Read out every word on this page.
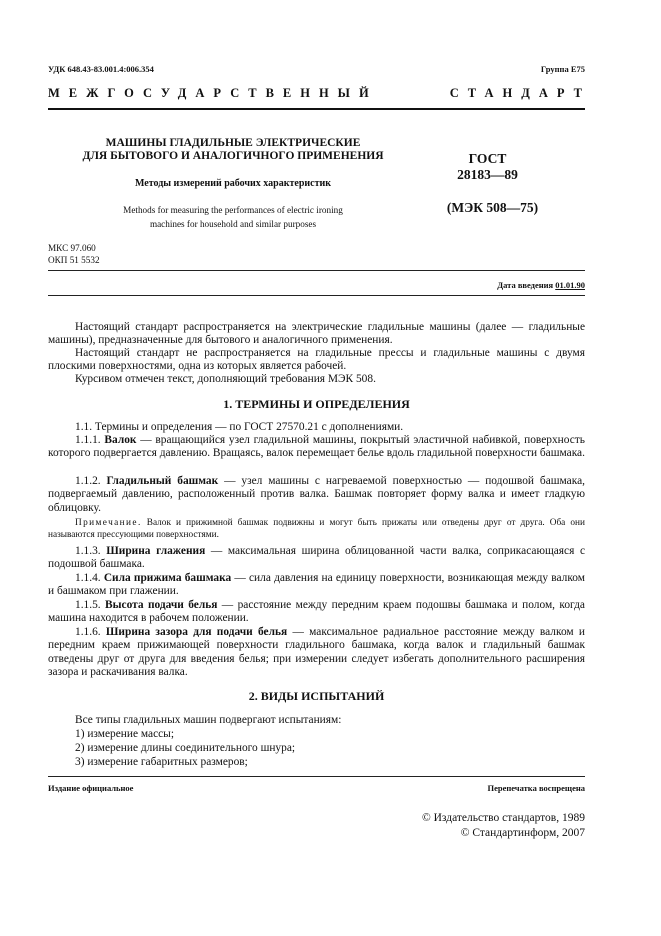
УДК 648.43-83.001.4:006.354	Группа Е75
МЕЖГОСУДАРСТВЕННЫЙ	СТАНДАРТ
МАШИНЫ ГЛАДИЛЬНЫЕ ЭЛЕКТРИЧЕСКИЕ
ДЛЯ БЫТОВОГО И АНАЛОГИЧНОГО ПРИМЕНЕНИЯ
Методы измерений рабочих характеристик
Methods for measuring the performances of electric ironing
machines for household and similar purposes
ГОСТ
28183—89
(МЭК 508—75)
МКС 97.060
ОКП 51 5532
Дата введения 01.01.90
Настоящий стандарт распространяется на электрические гладильные машины (далее — гладильные машины), предназначенные для бытового и аналогичного применения.
Настоящий стандарт не распространяется на гладильные прессы и гладильные машины с двумя плоскими поверхностями, одна из которых является рабочей.
Курсивом отмечен текст, дополняющий требования МЭК 508.
1. ТЕРМИНЫ И ОПРЕДЕЛЕНИЯ
1.1. Термины и определения — по ГОСТ 27570.21 с дополнениями.
1.1.1. Валок — вращающийся узел гладильной машины, покрытый эластичной набивкой, поверхность которого подвергается давлению. Вращаясь, валок перемещает белье вдоль гладильной поверхности башмака.
1.1.2. Гладильный башмак — узел машины с нагреваемой поверхностью — подошвой башмака, подвергаемый давлению, расположенный против валка. Башмак повторяет форму валка и имеет гладкую облицовку.
Примечание. Валок и прижимной башмак подвижны и могут быть прижаты или отведены друг от друга. Оба они называются прессующими поверхностями.
1.1.3. Ширина глажения — максимальная ширина облицованной части валка, соприкасающаяся с подошвой башмака.
1.1.4. Сила прижима башмака — сила давления на единицу поверхности, возникающая между валком и башмаком при глажении.
1.1.5. Высота подачи белья — расстояние между передним краем подошвы башмака и полом, когда машина находится в рабочем положении.
1.1.6. Ширина зазора для подачи белья — максимальное радиальное расстояние между валком и передним краем прижимающей поверхности гладильного башмака, когда валок и гладильный башмак отведены друг от друга для введения белья; при измерении следует избегать дополнительного расширения зазора и раскачивания валка.
2. ВИДЫ ИСПЫТАНИЙ
Все типы гладильных машин подвергают испытаниям:
1) измерение массы;
2) измерение длины соединительного шнура;
3) измерение габаритных размеров;
Издание официальное	Перепечатка воспрещена
© Издательство стандартов, 1989
© Стандартинформ, 2007
